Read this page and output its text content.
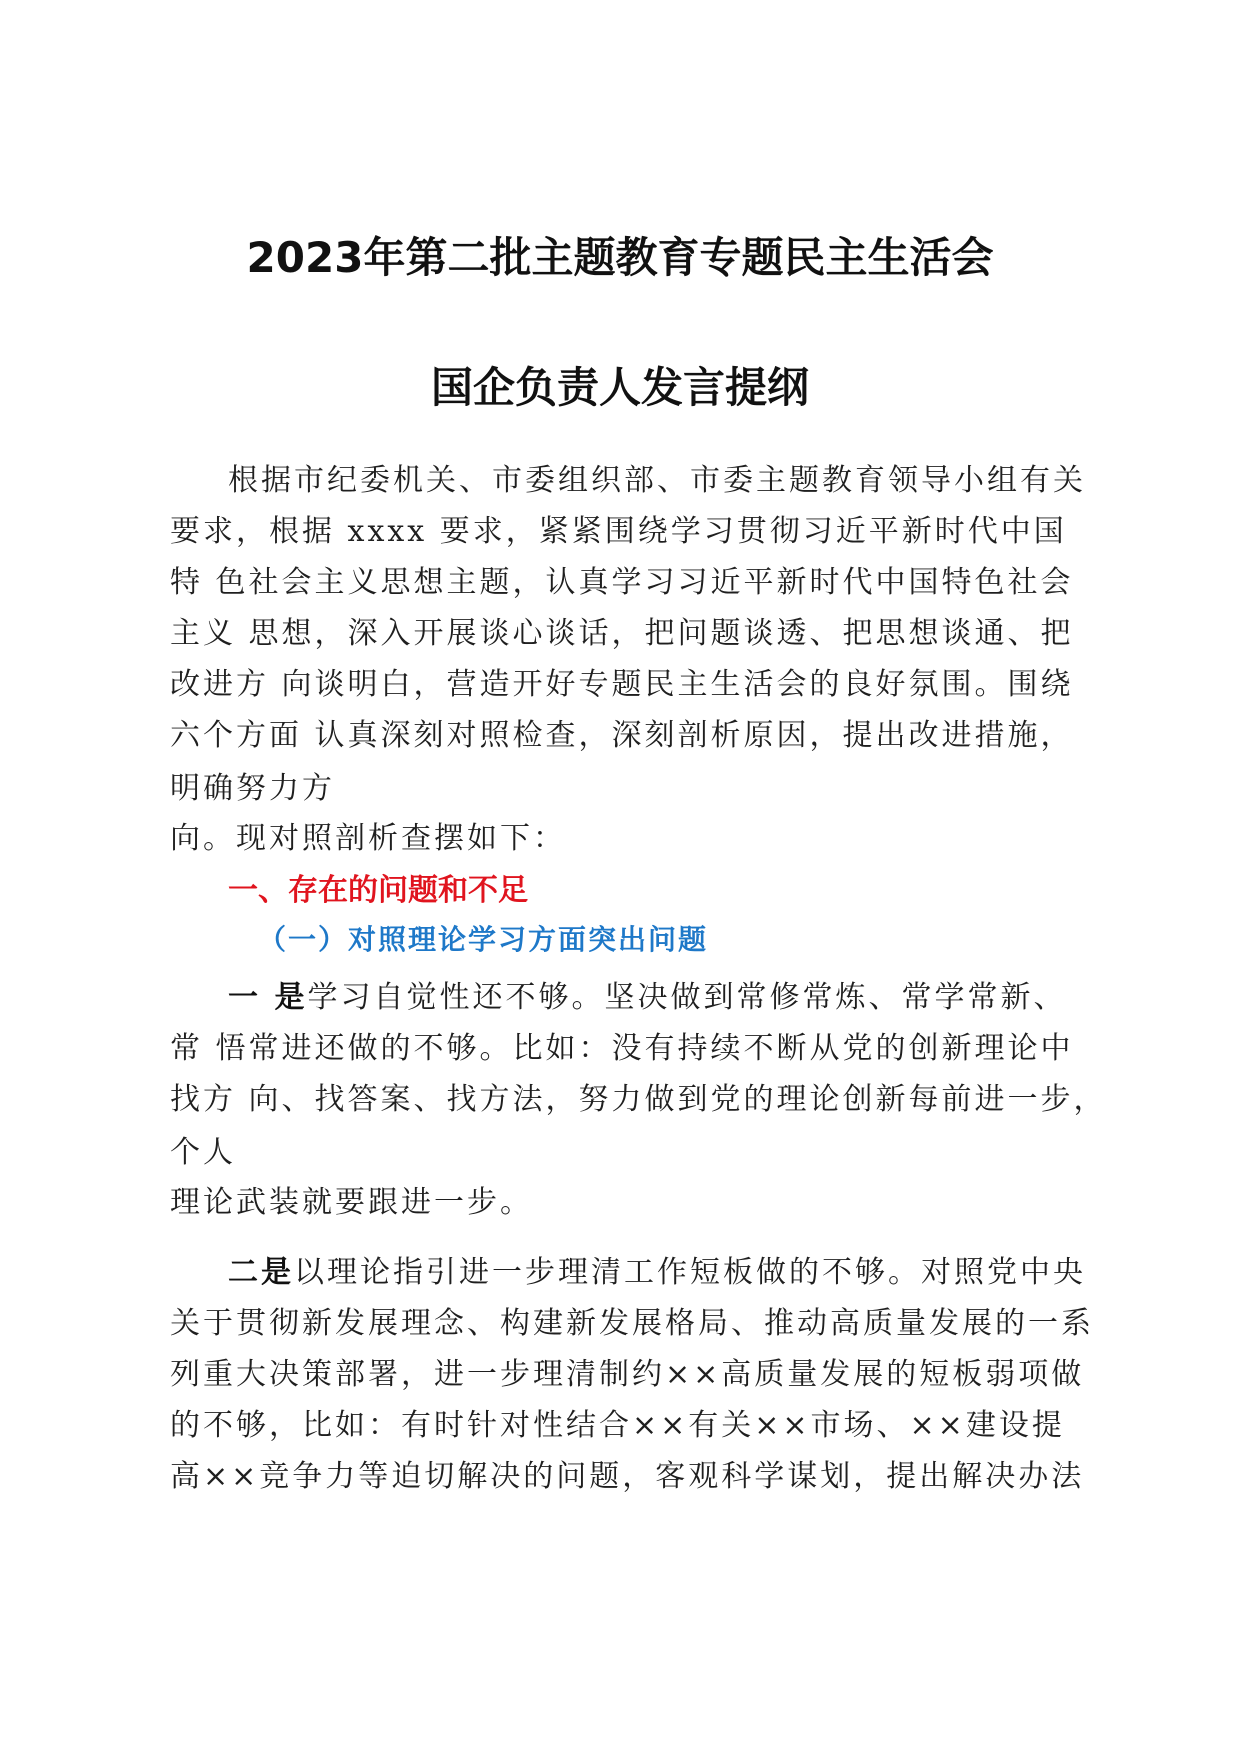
2023年第二批主题教育专题民主生活会
国企负责人发言提纲
根据市纪委机关、市委组织部、市委主题教育领导小组有关
要求，根据 xxxx 要求，紧紧围绕学习贯彻习近平新时代中国
特 色社会主义思想主题，认真学习习近平新时代中国特色社会
主义 思想，深入开展谈心谈话，把问题谈透、把思想谈通、把
改进方 向谈明白，营造开好专题民主生活会的良好氛围。围绕
六个方面 认真深刻对照检查，深刻剖析原因，提出改进措施，
明确努力方
向。现对照剖析查摆如下：
一、存在的问题和不足
（一）对照理论学习方面突出问题
一 是学习自觉性还不够。坚决做到常修常炼、常学常新、
常 悟常进还做的不够。比如：没有持续不断从党的创新理论中
找方 向、找答案、找方法，努力做到党的理论创新每前进一步，
个人
理论武装就要跟进一步。
二是以理论指引进一步理清工作短板做的不够。对照党中央
关于贯彻新发展理念、构建新发展格局、推动高质量发展的一系
列重大决策部署，进一步理清制约××高质量发展的短板弱项做
的不够，比如：有时针对性结合××有关××市场、××建设提
高××竞争力等迫切解决的问题，客观科学谋划，提出解决办法
